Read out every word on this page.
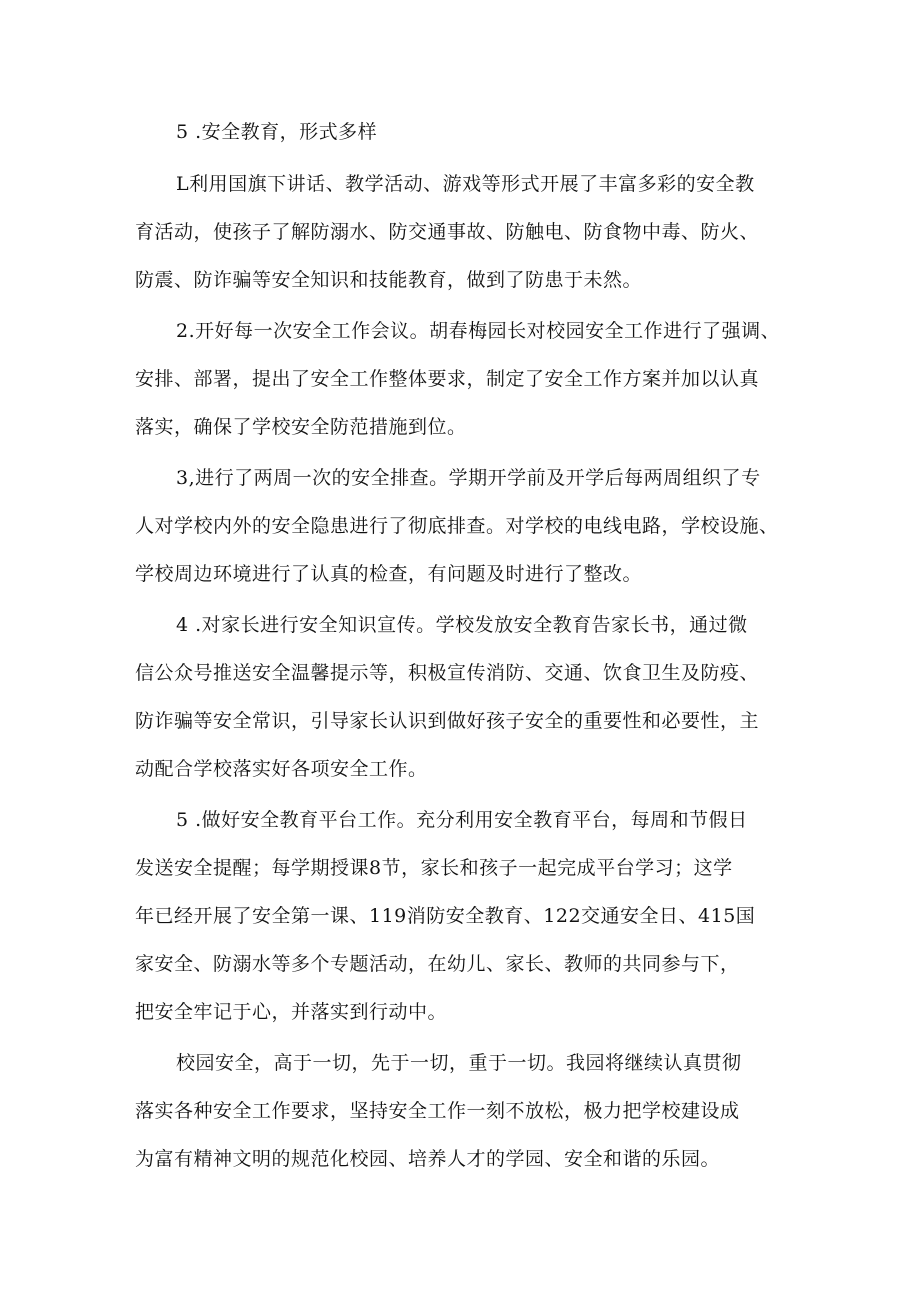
5 .安全教育，形式多样
L利用国旗下讲话、教学活动、游戏等形式开展了丰富多彩的安全教
育活动，使孩子了解防溺水、防交通事故、防触电、防食物中毒、防火、
防震、防诈骗等安全知识和技能教育，做到了防患于未然。
2.开好每一次安全工作会议。胡春梅园长对校园安全工作进行了强调、
安排、部署，提出了安全工作整体要求，制定了安全工作方案并加以认真
落实，确保了学校安全防范措施到位。
3,进行了两周一次的安全排查。学期开学前及开学后每两周组织了专
人对学校内外的安全隐患进行了彻底排查。对学校的电线电路，学校设施、
学校周边环境进行了认真的检查，有问题及时进行了整改。
4 .对家长进行安全知识宣传。学校发放安全教育告家长书，通过微
信公众号推送安全温馨提示等，积极宣传消防、交通、饮食卫生及防疫、
防诈骗等安全常识，引导家长认识到做好孩子安全的重要性和必要性，主
动配合学校落实好各项安全工作。
5 .做好安全教育平台工作。充分利用安全教育平台，每周和节假日
发送安全提醒；每学期授课8节，家长和孩子一起完成平台学习；这学
年已经开展了安全第一课、119消防安全教育、122交通安全日、415国
家安全、防溺水等多个专题活动，在幼儿、家长、教师的共同参与下，
把安全牢记于心，并落实到行动中。
校园安全，高于一切，先于一切，重于一切。我园将继续认真贯彻
落实各种安全工作要求，坚持安全工作一刻不放松，极力把学校建设成
为富有精神文明的规范化校园、培养人才的学园、安全和谐的乐园。
